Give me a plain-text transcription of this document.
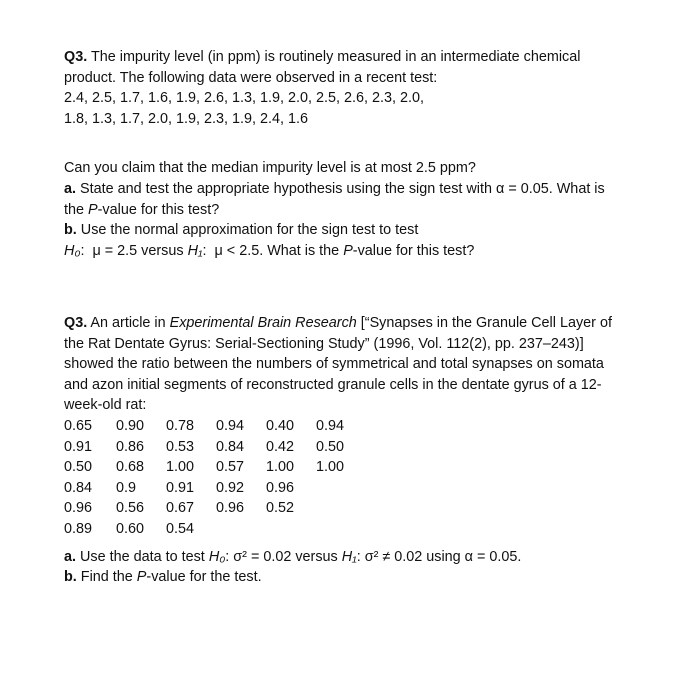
Q3. The impurity level (in ppm) is routinely measured in an intermediate chemical
product. The following data were observed in a recent test:
2.4, 2.5, 1.7, 1.6, 1.9, 2.6, 1.3, 1.9, 2.0, 2.5, 2.6, 2.3, 2.0,
1.8, 1.3, 1.7, 2.0, 1.9, 2.3, 1.9, 2.4, 1.6
Can you claim that the median impurity level is at most 2.5 ppm?
a. State and test the appropriate hypothesis using the sign test with α = 0.05. What is
the P-value for this test?
b. Use the normal approximation for the sign test to test
H₀:  μ = 2.5 versus H₁:  μ < 2.5. What is the P-value for this test?
Q3. An article in Experimental Brain Research [“Synapses in the Granule Cell Layer of
the Rat Dentate Gyrus: Serial-Sectioning Study” (1996, Vol. 112(2), pp. 237–243)]
showed the ratio between the numbers of symmetrical and total synapses on somata
and azon initial segments of reconstructed granule cells in the dentate gyrus of a 12-
week-old rat:
0.65	0.90	0.78	0.94	0.40	0.94
0.91	0.86	0.53	0.84	0.42	0.50
0.50	0.68	1.00	0.57	1.00	1.00
0.84	0.9	0.91	0.92	0.96	
0.96	0.56	0.67	0.96	0.52	
0.89	0.60	0.54			
a. Use the data to test H₀: σ² = 0.02 versus H₁: σ² ≠ 0.02 using α = 0.05.
b. Find the P-value for the test.
